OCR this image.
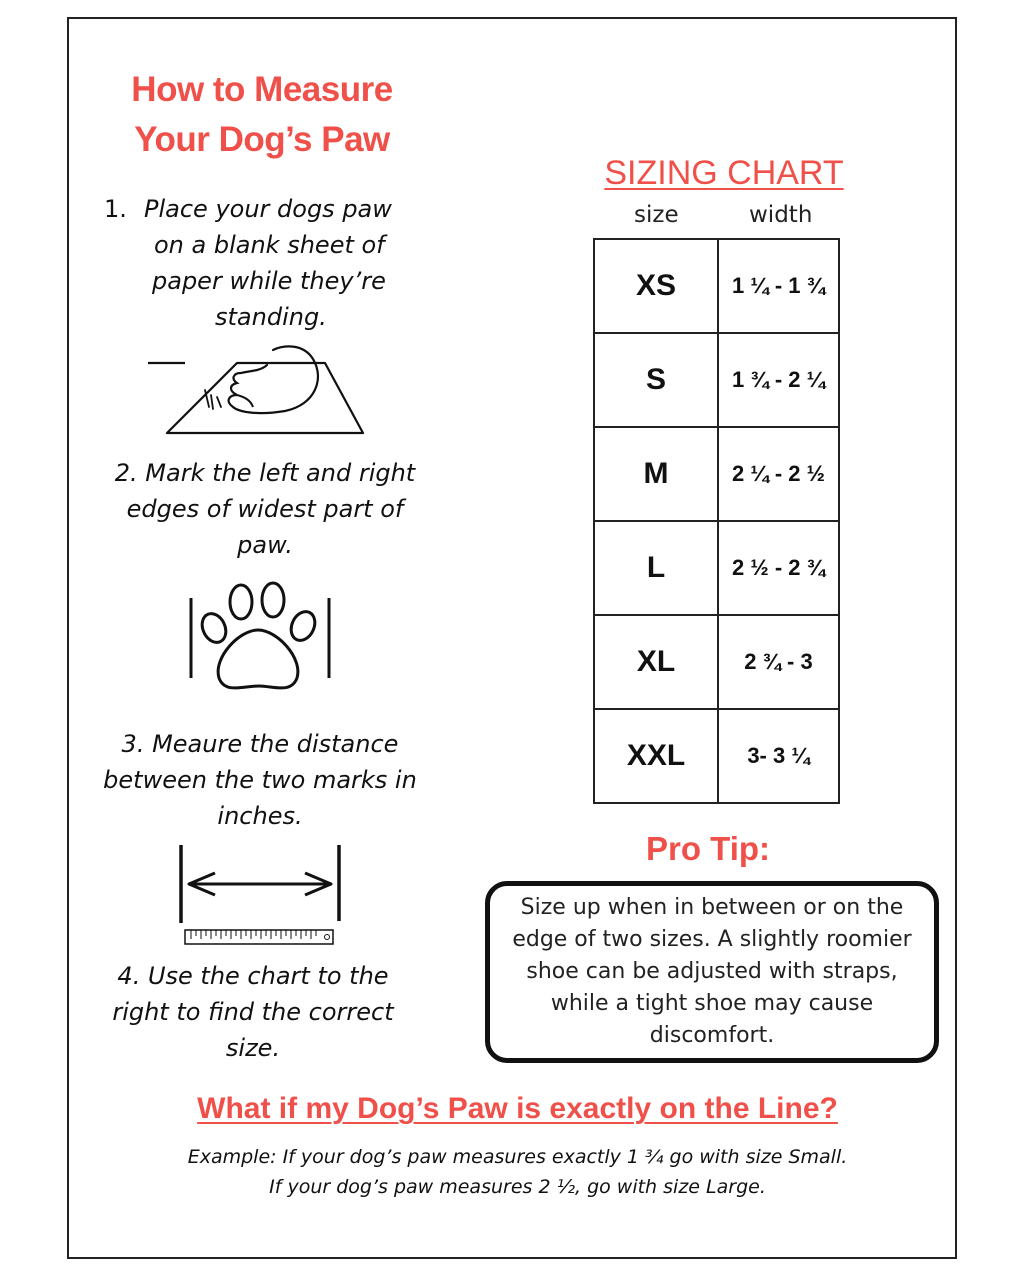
How to Measure
Your Dog’s Paw
1. Place your dogs paw
on a blank sheet of
paper while they’re
standing.
2. Mark the left and right
edges of widest part of
paw.
3. Meaure the distance
between the two marks in
inches.
4. Use the chart to the
right to find the correct
size.
SIZING CHART
size	width
XS	1 ¼ - 1 ¾
S	1 ¾ - 2 ¼
M	2 ¼ - 2 ½
L	2 ½ - 2 ¾
XL	2 ¾ - 3
XXL	3- 3 ¼
Pro Tip:
Size up when in between or on the edge of two sizes. A slightly roomier shoe can be adjusted with straps, while a tight shoe may cause discomfort.
What if my Dog’s Paw is exactly on the Line?
Example: If your dog’s paw measures exactly 1 ¾ go with size Small.
If your dog’s paw measures 2 ½, go with size Large.
